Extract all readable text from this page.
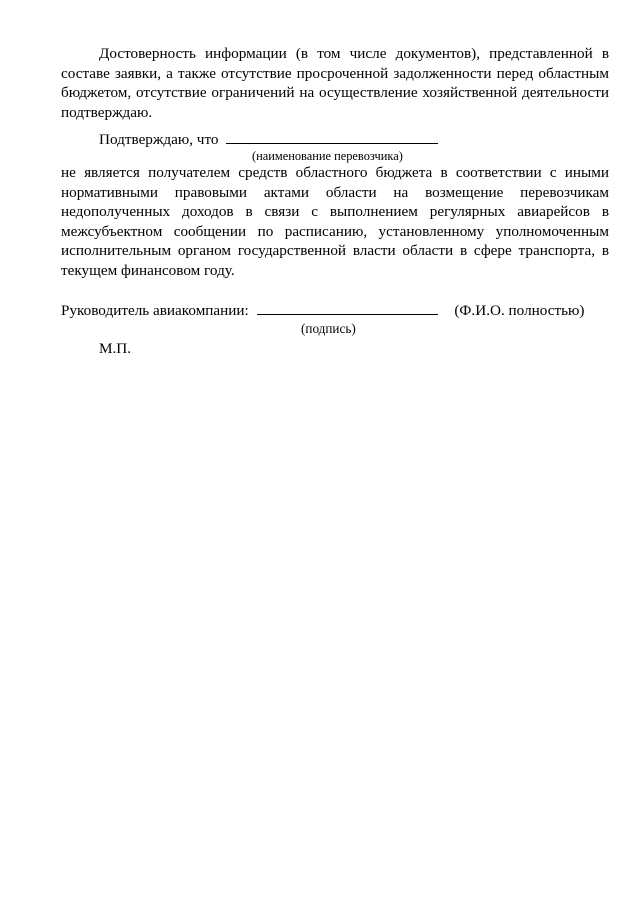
Достоверность информации (в том числе документов), представленной в составе заявки, а также отсутствие просроченной задолженности перед областным бюджетом, отсутствие ограничений на осуществление хозяйственной деятельности подтверждаю.

Подтверждаю, что
(наименование перевозчика)

не является получателем средств областного бюджета в соответствии с иными нормативными правовыми актами области на возмещение перевозчикам недополученных доходов в связи с выполнением регулярных авиарейсов в межсубъектном сообщении по расписанию, установленному уполномоченным исполнительным органом государственной власти области в сфере транспорта, в текущем финансовом году.

Руководитель авиакомпании:	(Ф.И.О. полностью)
(подпись)
М.П.
